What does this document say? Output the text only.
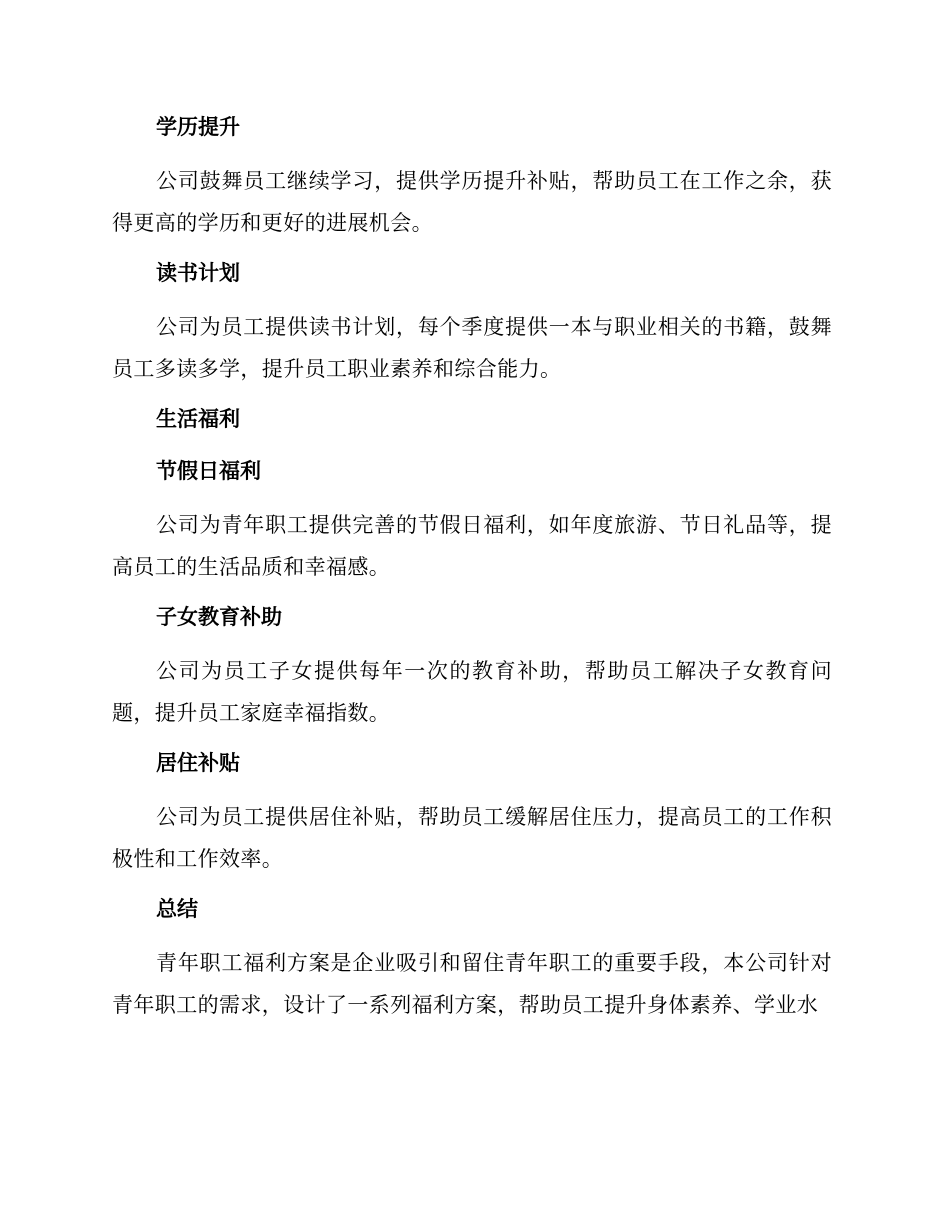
学历提升
公司鼓舞员工继续学习，提供学历提升补贴，帮助员工在工作之余，获得更高的学历和更好的进展机会。
读书计划
公司为员工提供读书计划，每个季度提供一本与职业相关的书籍，鼓舞员工多读多学，提升员工职业素养和综合能力。
生活福利
节假日福利
公司为青年职工提供完善的节假日福利，如年度旅游、节日礼品等，提高员工的生活品质和幸福感。
子女教育补助
公司为员工子女提供每年一次的教育补助，帮助员工解决子女教育问题，提升员工家庭幸福指数。
居住补贴
公司为员工提供居住补贴，帮助员工缓解居住压力，提高员工的工作积极性和工作效率。
总结
青年职工福利方案是企业吸引和留住青年职工的重要手段，本公司针对青年职工的需求，设计了一系列福利方案，帮助员工提升身体素养、学业水
